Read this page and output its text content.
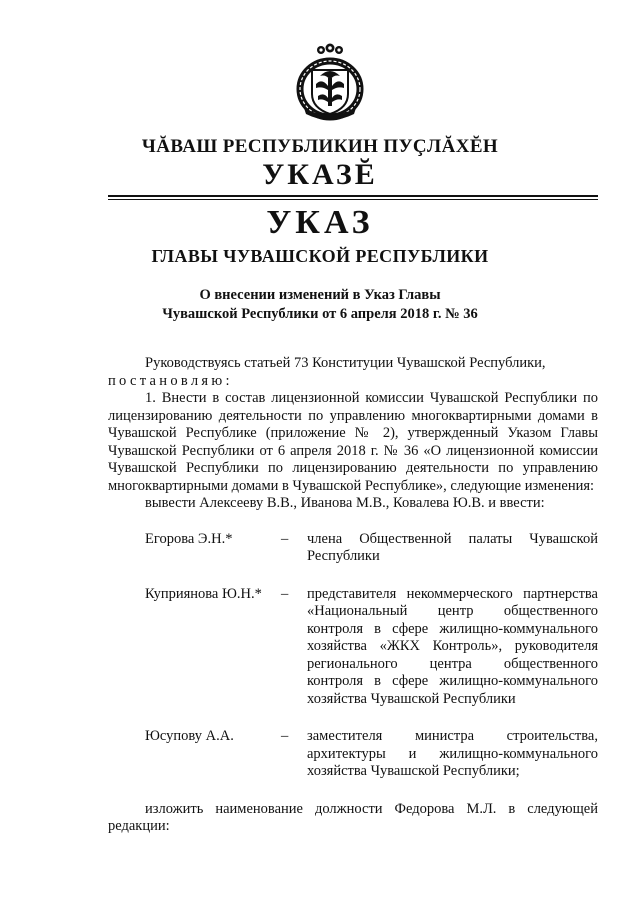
ЧĂВАШ РЕСПУБЛИКИН ПУÇЛĂХĔН
УКАЗĔ
УКАЗ
ГЛАВЫ ЧУВАШСКОЙ РЕСПУБЛИКИ
О внесении изменений в Указ Главы
Чувашской Республики от 6 апреля 2018 г. № 36

Руководствуясь статьей 73 Конституции Чувашской Республики,

постановляю:

1. Внести в состав лицензионной комиссии Чувашской Республики по лицензированию деятельности по управлению многоквартирными домами в Чувашской Республике (приложение № 2), утвержденный Указом Главы Чувашской Республики от 6 апреля 2018 г. № 36 «О лицензионной комиссии Чувашской Республики по лицензированию деятельности по управлению многоквартирными домами в Чувашской Республике», следующие изменения:

вывести Алексееву В.В., Иванова М.В., Ковалева Ю.В. и ввести:

Егорова Э.Н.*	–	члена Общественной палаты Чувашской Республики
Куприянова Ю.Н.*	–	представителя некоммерческого партнерства «Национальный центр общественного контроля в сфере жилищно-коммунального хозяйства «ЖКХ Контроль», руководителя регионального центра общественного контроля в сфере жилищно-коммунального хозяйства Чувашской Республики
Юсупову А.А.	–	заместителя министра строительства, архитектуры и жилищно-коммунального хозяйства Чувашской Республики;

изложить наименование должности Федорова М.Л. в следующей редакции:
